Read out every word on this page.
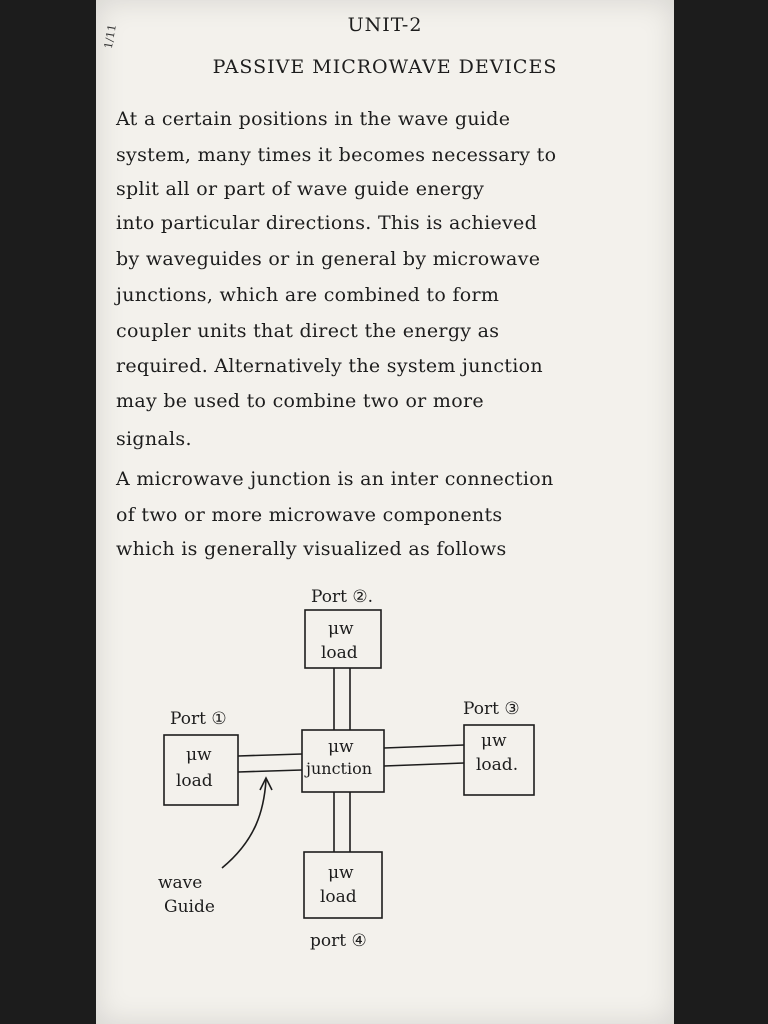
1/11	UNIT-2
PASSIVE MICROWAVE DEVICES
At a certain positions in the wave guide
system, many times it becomes necessary to
split all or part of wave guide energy
into particular directions. This is achieved
by waveguides or in general by microwave
junctions, which are combined to form
coupler units that direct the energy as
required. Alternatively the system junction
may be used to combine two or more
signals.
A microwave junction is an inter connection
of two or more microwave components
which is generally visualized as follows
Port ②.
μw
load
Port ①
μw
load
μw
junction
Port ③
μw
load.
μw
load
port ④
wave
Guide
